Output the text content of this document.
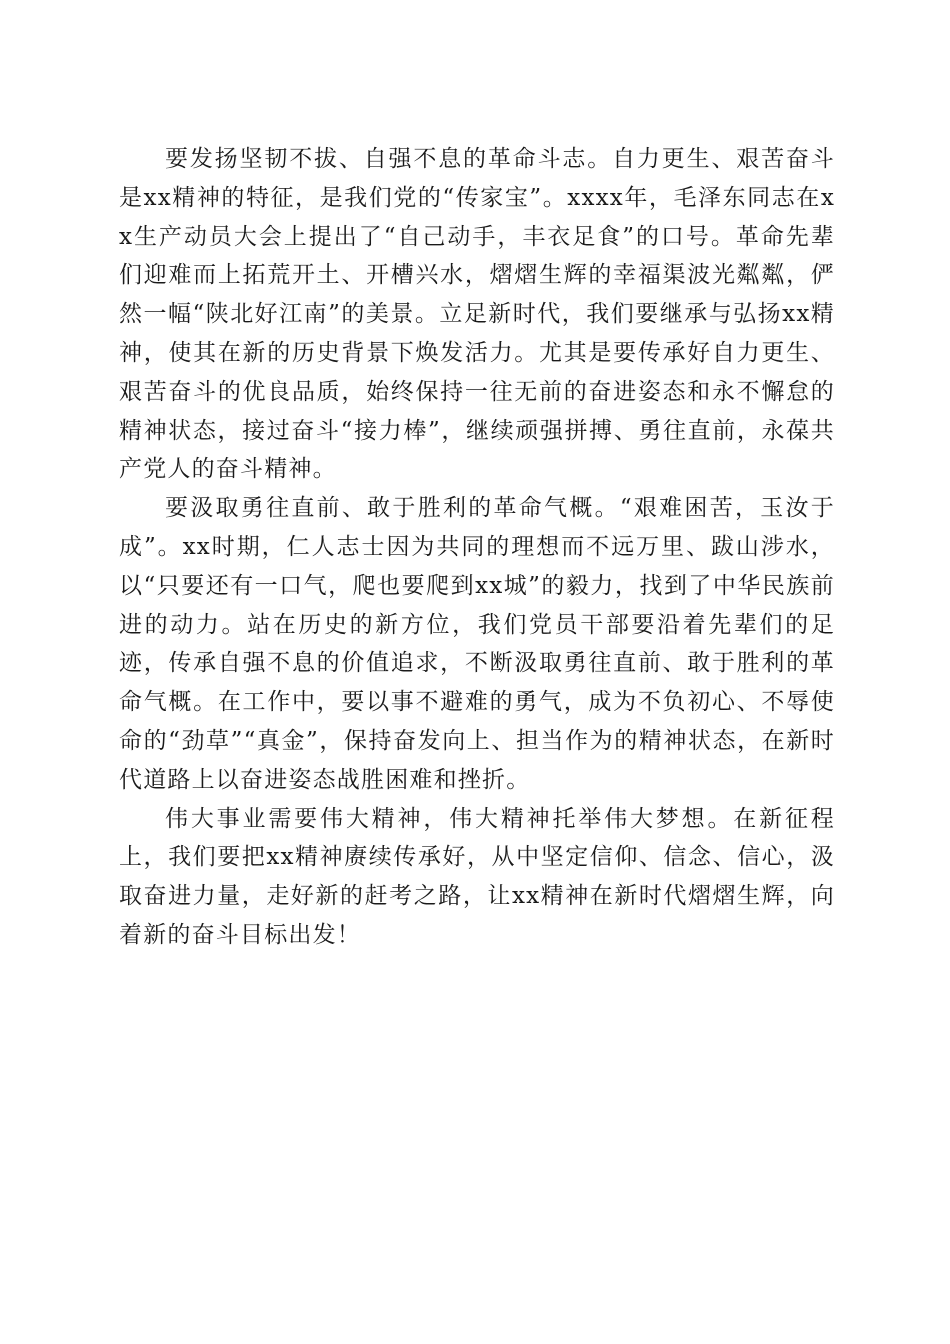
要发扬坚韧不拔、自强不息的革命斗志。自力更生、艰苦奋斗是xx精神的特征，是我们党的“传家宝”。xxxx年，毛泽东同志在xx生产动员大会上提出了“自己动手，丰衣足食”的口号。革命先辈们迎难而上拓荒开土、开槽兴水，熠熠生辉的幸福渠波光粼粼，俨然一幅“陕北好江南”的美景。立足新时代，我们要继承与弘扬xx精神，使其在新的历史背景下焕发活力。尤其是要传承好自力更生、艰苦奋斗的优良品质，始终保持一往无前的奋进姿态和永不懈怠的精神状态，接过奋斗“接力棒”，继续顽强拼搏、勇往直前，永葆共产党人的奋斗精神。

要汲取勇往直前、敢于胜利的革命气概。“艰难困苦，玉汝于成”。xx时期，仁人志士因为共同的理想而不远万里、跋山涉水，以“只要还有一口气，爬也要爬到xx城”的毅力，找到了中华民族前进的动力。站在历史的新方位，我们党员干部要沿着先辈们的足迹，传承自强不息的价值追求，不断汲取勇往直前、敢于胜利的革命气概。在工作中，要以事不避难的勇气，成为不负初心、不辱使命的“劲草”“真金”，保持奋发向上、担当作为的精神状态，在新时代道路上以奋进姿态战胜困难和挫折。

伟大事业需要伟大精神，伟大精神托举伟大梦想。在新征程上，我们要把xx精神赓续传承好，从中坚定信仰、信念、信心，汲取奋进力量，走好新的赶考之路，让xx精神在新时代熠熠生辉，向着新的奋斗目标出发！
